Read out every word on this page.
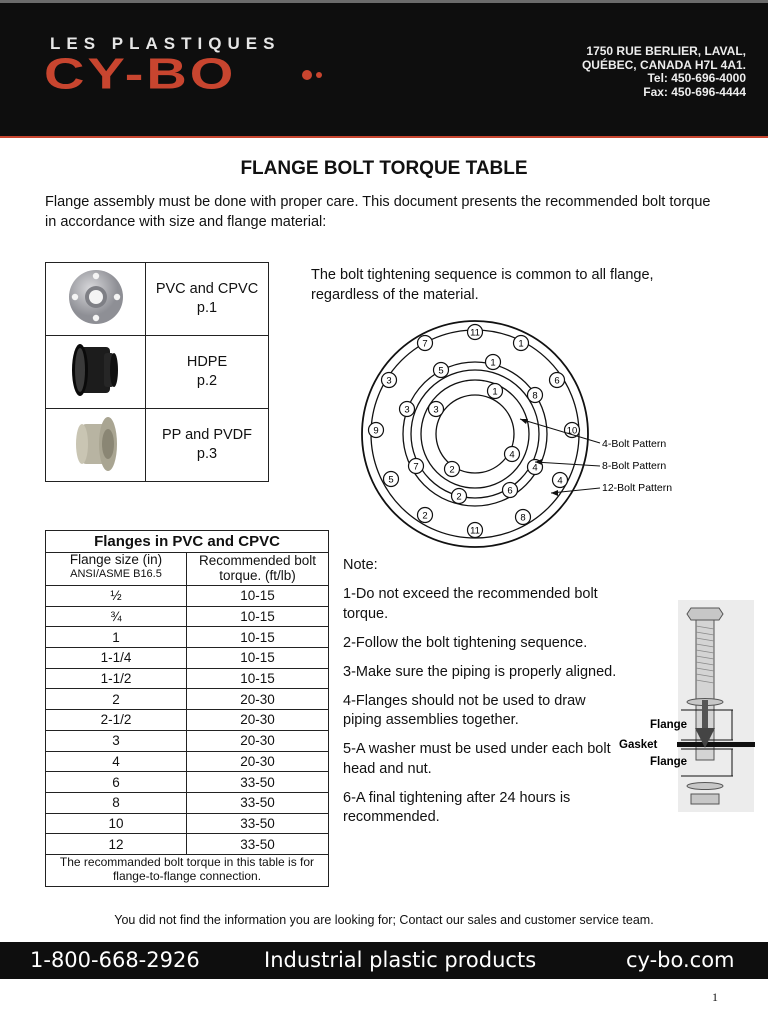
LES PLASTIQUES
CY-BO	1750 RUE BERLIER, LAVAL,
QUÉBEC, CANADA H7L 4A1.
Tel: 450-696-4000
Fax: 450-696-4444
FLANGE BOLT TORQUE TABLE
Flange assembly must be done with proper care. This document presents the recommended bolt torque in accordance with size and flange material:

PVC and CPVC
p.1

HDPE
p.2

PP and PVDF
p.3
The bolt tightening sequence is common to all flange, regardless of the material.
11
1
6
10
4
8
11
2
5
9
3
7
1
8
4
6
2
7
3
5
1
4
2
3
4-Bolt Pattern
8-Bolt Pattern
12-Bolt Pattern
Flanges in PVC and CPVC	
Flange size (in)
ANSI/ASME B16.5	Recommended bolt torque. (ft/lb)
½	10-15
¾	10-15
1	10-15
1-1/4	10-15
1-1/2	10-15
2	20-30
2-1/2	20-30
3	20-30
4	20-30
6	33-50
8	33-50
10	33-50
12	33-50
The recommanded bolt torque in this table is for flange-to-flange connection.	

Note:

1-Do not exceed the recommended bolt torque.

2-Follow the bolt tightening sequence.

3-Make sure the piping is properly aligned.

4-Flanges should not be used to draw piping assemblies together.

5-A washer must be used under each bolt head and nut.

6-A final tightening after 24 hours is recommended.

Flange
Gasket
Flange
You did not find the information you are looking for; Contact our sales and customer service team.
1-800-668-2926	Industrial plastic products	cy-bo.com
1
